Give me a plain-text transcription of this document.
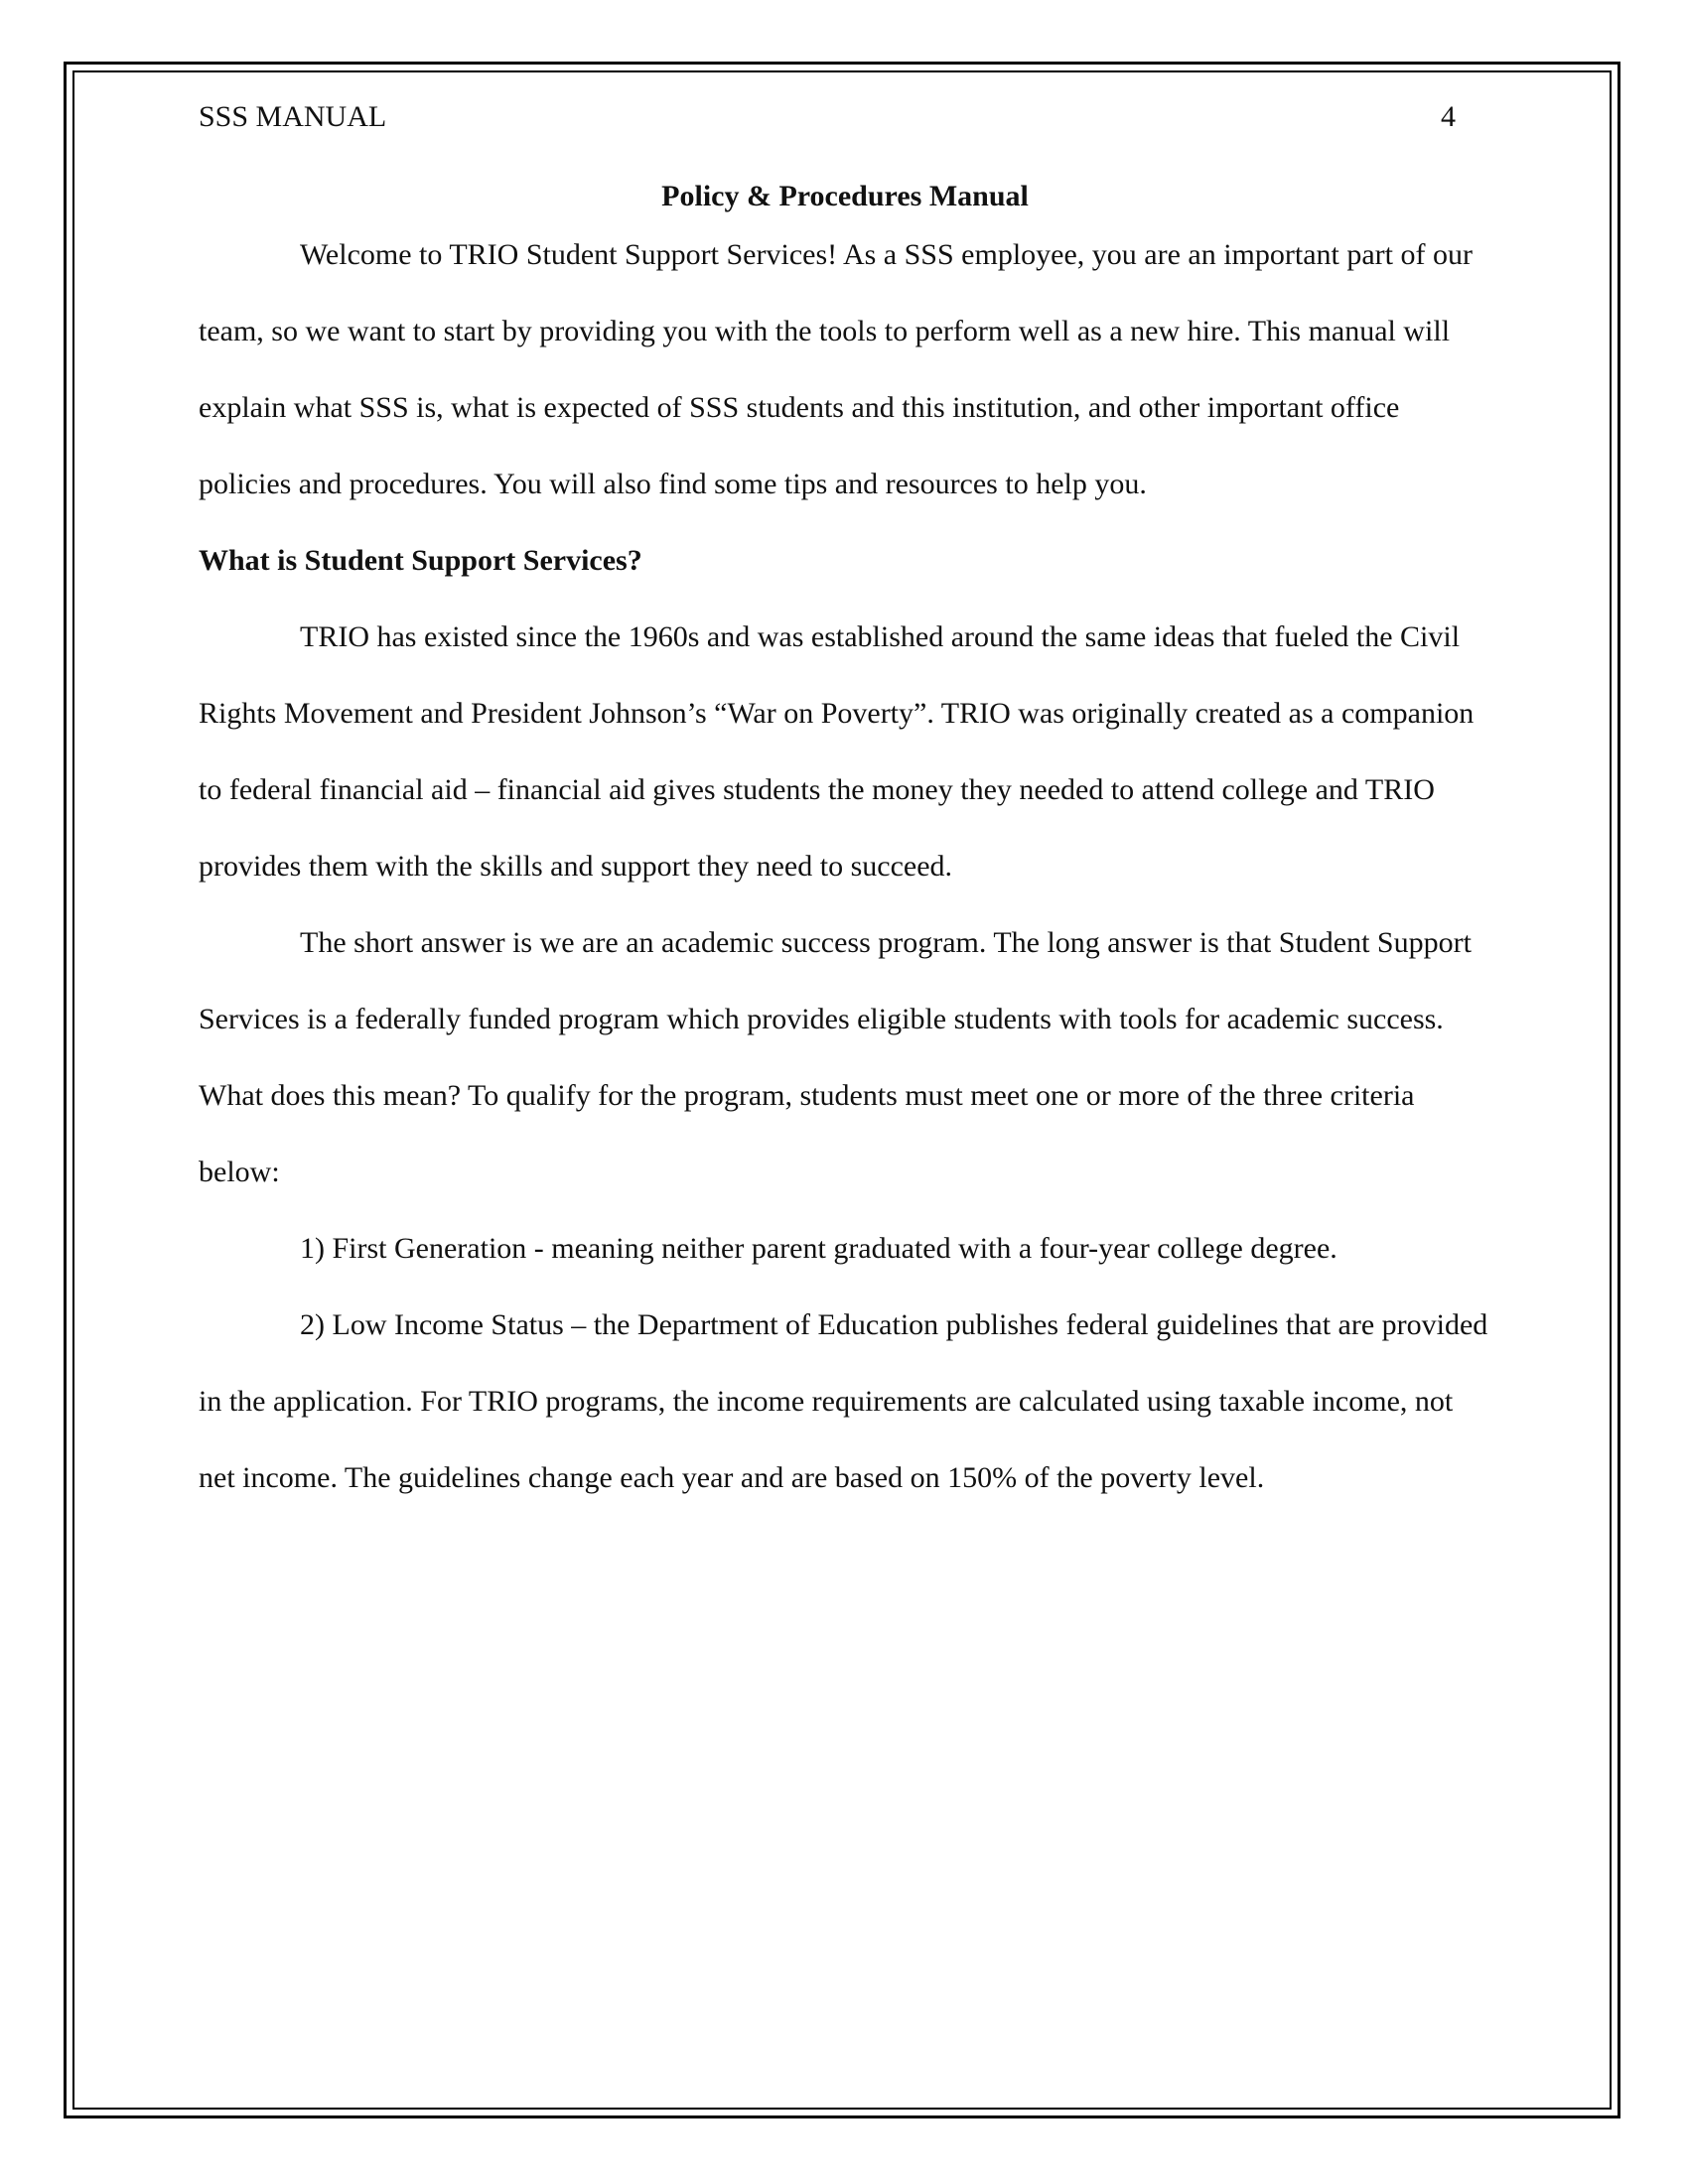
SSS MANUAL	4
Policy & Procedures Manual

Welcome to TRIO Student Support Services! As a SSS employee, you are an important part of our team, so we want to start by providing you with the tools to perform well as a new hire. This manual will explain what SSS is, what is expected of SSS students and this institution, and other important office policies and procedures. You will also find some tips and resources to help you.

What is Student Support Services?

TRIO has existed since the 1960s and was established around the same ideas that fueled the Civil Rights Movement and President Johnson’s “War on Poverty”. TRIO was originally created as a companion to federal financial aid – financial aid gives students the money they needed to attend college and TRIO provides them with the skills and support they need to succeed.

The short answer is we are an academic success program. The long answer is that Student Support Services is a federally funded program which provides eligible students with tools for academic success. What does this mean? To qualify for the program, students must meet one or more of the three criteria below:

1) First Generation - meaning neither parent graduated with a four-year college degree.

2) Low Income Status – the Department of Education publishes federal guidelines that are provided in the application. For TRIO programs, the income requirements are calculated using taxable income, not net income. The guidelines change each year and are based on 150% of the poverty level.
